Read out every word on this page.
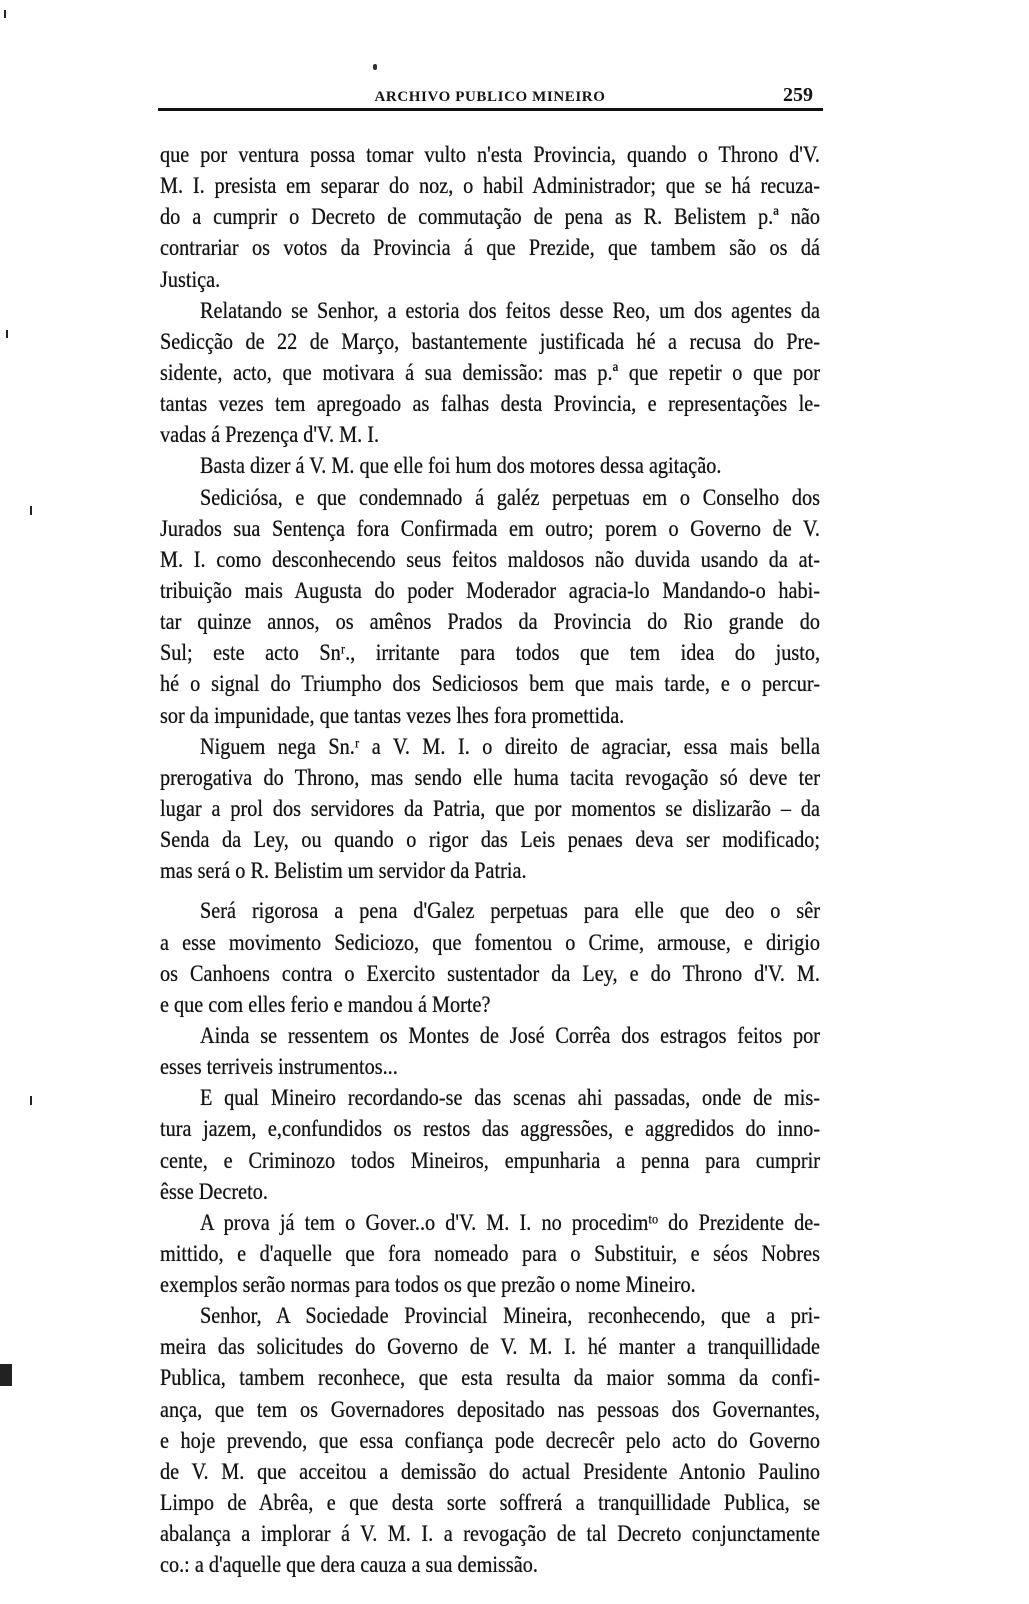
ARCHIVO PUBLICO MINEIRO	259
que por ventura possa tomar vulto n'esta Provincia, quando o Throno d'V.
M. I. presista em separar do noz, o habil Administrador; que se há recuza-
do a cumprir o Decreto de commutação de pena as R. Belistem p.ª não
contrariar os votos da Provincia á que Prezide, que tambem são os dá
Justiça.
Relatando se Senhor, a estoria dos feitos desse Reo, um dos agentes da
Sedicção de 22 de Março, bastantemente justificada hé a recusa do Pre-
sidente, acto, que motivara á sua demissão: mas p.ª que repetir o que por
tantas vezes tem apregoado as falhas desta Provincia, e representações le-
vadas á Prezença d'V. M. I.
Basta dizer á V. M. que elle foi hum dos motores dessa agitação.
Sediciósa, e que condemnado á galéz perpetuas em o Conselho dos
Jurados sua Sentença fora Confirmada em outro; porem o Governo de V.
M. I. como desconhecendo seus feitos maldosos não duvida usando da at-
tribuição mais Augusta do poder Moderador agracia-lo Mandando-o habi-
tar quinze annos, os amênos Prados da Provincia do Rio grande do
Sul; este acto Snʳ., irritante para todos que tem idea do justo,
hé o signal do Triumpho dos Sediciosos bem que mais tarde, e o percur-
sor da impunidade, que tantas vezes lhes fora promettida.
Niguem nega Sn.ʳ a V. M. I. o direito de agraciar, essa mais bella
prerogativa do Throno, mas sendo elle huma tacita revogação só deve ter
lugar a prol dos servidores da Patria, que por momentos se dislizarão – da
Senda da Ley, ou quando o rigor das Leis penaes deva ser modificado;
mas será o R. Belistim um servidor da Patria.
Será rigorosa a pena d'Galez perpetuas para elle que deo o sêr
a esse movimento Sediciozo, que fomentou o Crime, armouse, e dirigio
os Canhoens contra o Exercito sustentador da Ley, e do Throno d'V. M.
e que com elles ferio e mandou á Morte?
Ainda se ressentem os Montes de José Corrêa dos estragos feitos por
esses terriveis instrumentos...
E qual Mineiro recordando-se das scenas ahi passadas, onde de mis-
tura jazem, e,confundidos os restos das aggressões, e aggredidos do inno-
cente, e Criminozo todos Mineiros, empunharia a penna para cumprir
êsse Decreto.
A prova já tem o Gover..o d'V. M. I. no procedimᵗᵒ do Prezidente de-
mittido, e d'aquelle que fora nomeado para o Substituir, e séos Nobres
exemplos serão normas para todos os que prezão o nome Mineiro.
Senhor, A Sociedade Provincial Mineira, reconhecendo, que a pri-
meira das solicitudes do Governo de V. M. I. hé manter a tranquillidade
Publica, tambem reconhece, que esta resulta da maior somma da confi-
ança, que tem os Governadores depositado nas pessoas dos Governantes,
e hoje prevendo, que essa confiança pode decrecêr pelo acto do Governo
de V. M. que acceitou a demissão do actual Presidente Antonio Paulino
Limpo de Abrêa, e que desta sorte soffrerá a tranquillidade Publica, se
abalança a implorar á V. M. I. a revogação de tal Decreto conjunctamente
co.: a d'aquelle que dera cauza a sua demissão.
